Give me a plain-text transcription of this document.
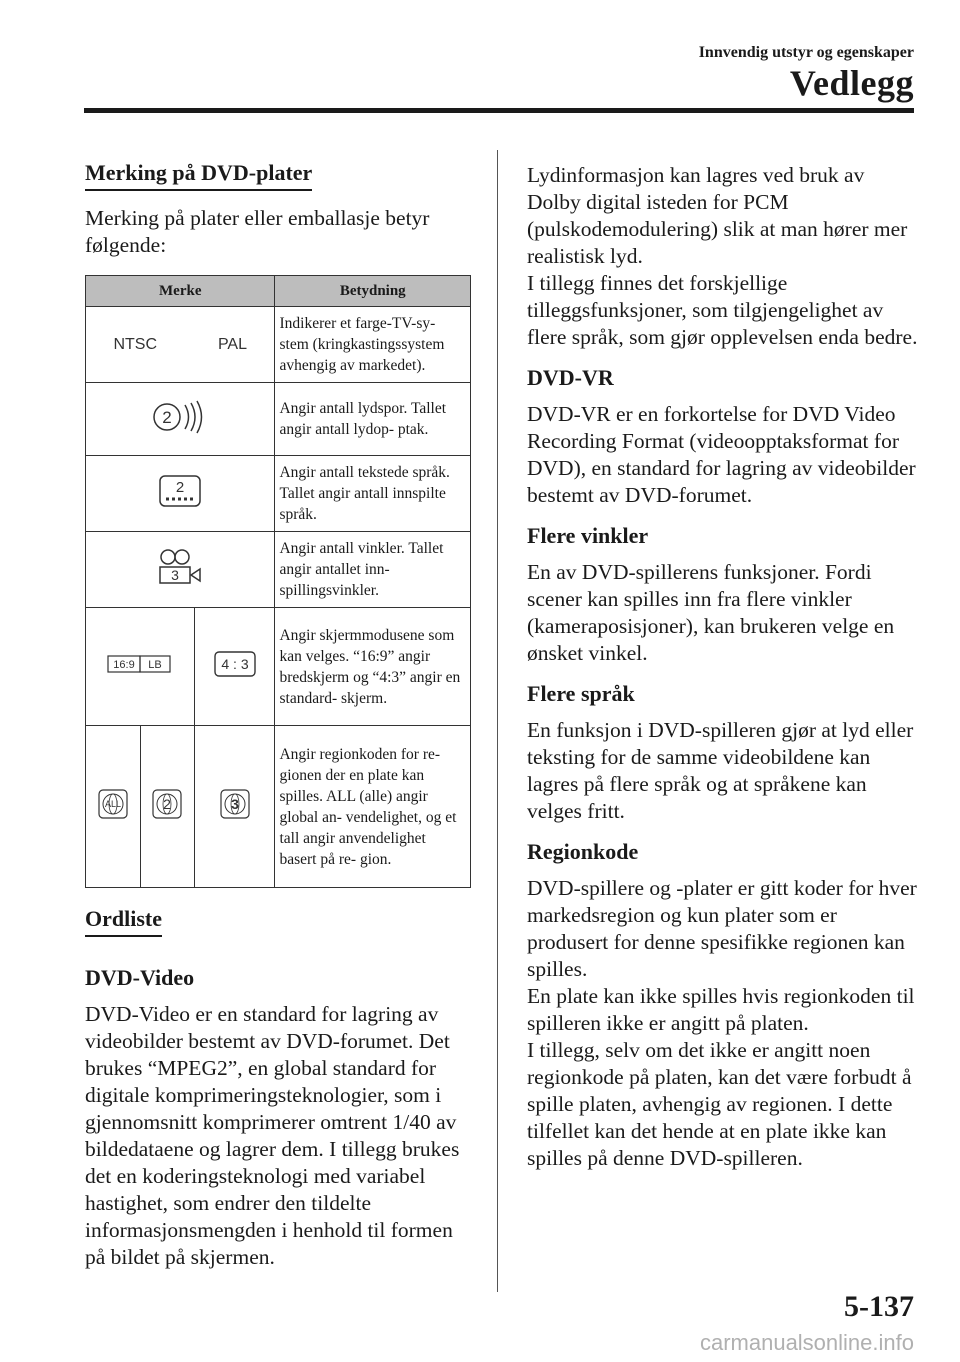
Innvendig utstyr og egenskaper
Vedlegg
Merking på DVD-plater

Merking på plater eller emballasje betyr følgende:

Merke			Betydning
NTSC PAL			Indikerer et farge-TV-sy- stem (kringkastingssystem avhengig av markedet).

2			Angir antall lydspor. Tallet angir antall lydop- ptak.

2			Angir antall tekstede språk. Tallet angir antall innspilte språk.

3			Angir antall vinkler. Tallet angir antallet inn- spillingsvinkler.

16:9 LB		4 : 3	Angir skjermmodusene som kan velges. “16:9” angir bredskjerm og “4:3” angir en standard- skjerm.

ALL	2	3	Angir regionkoden for re- gionen der en plate kan spilles. ALL (alle) angir global an- vendelighet, og et tall angir anvendelighet basert på re- gion.
Ordliste
DVD-Video

DVD-Video er en standard for lagring av videobilder bestemt av DVD-forumet. Det brukes “MPEG2”, en global standard for digitale komprimeringsteknologier, som i gjennomsnitt komprimerer omtrent 1/40 av bildedataene og lagrer dem. I tillegg brukes det en koderingsteknologi med variabel hastighet, som endrer den tildelte informasjonsmengden i henhold til formen på bildet på skjermen.

Lydinformasjon kan lagres ved bruk av Dolby digital isteden for PCM (pulskodemodulering) slik at man hører mer realistisk lyd.

I tillegg finnes det forskjellige tilleggsfunksjoner, som tilgjengelighet av flere språk, som gjør opplevelsen enda bedre.

DVD-VR

DVD-VR er en forkortelse for DVD Video Recording Format (videoopptaksformat for DVD), en standard for lagring av videobilder bestemt av DVD-forumet.

Flere vinkler

En av DVD-spillerens funksjoner. Fordi scener kan spilles inn fra flere vinkler (kameraposisjoner), kan brukeren velge en ønsket vinkel.

Flere språk

En funksjon i DVD-spilleren gjør at lyd eller teksting for de samme videobildene kan lagres på flere språk og at språkene kan velges fritt.

Regionkode

DVD-spillere og -plater er gitt koder for hver markedsregion og kun plater som er produsert for denne spesifikke regionen kan spilles.

En plate kan ikke spilles hvis regionkoden til spilleren ikke er angitt på platen.

I tillegg, selv om det ikke er angitt noen regionkode på platen, kan det være forbudt å spille platen, avhengig av regionen. I dette tilfellet kan det hende at en plate ikke kan spilles på denne DVD-spilleren.

5-137
carmanualsonline.info
